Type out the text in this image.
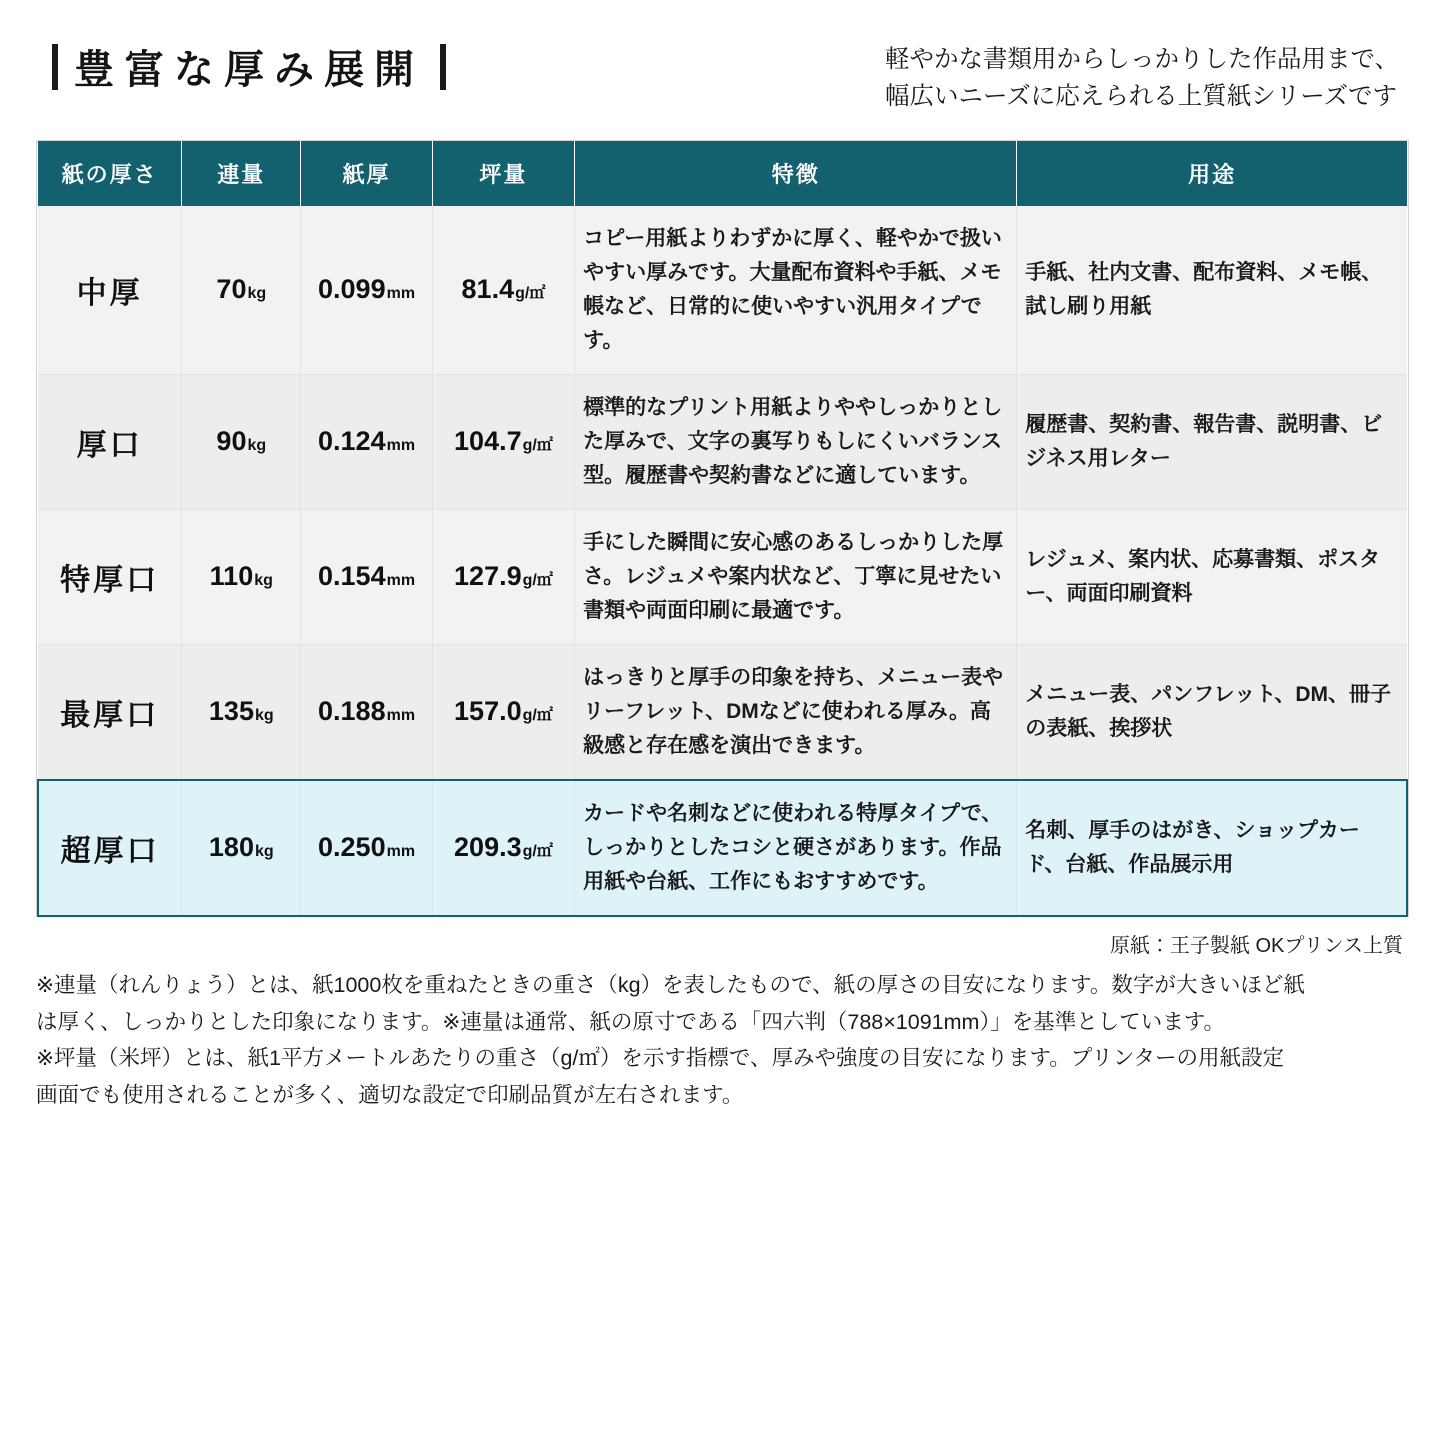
豊富な厚み展開	軽やかな書類用からしっかりした作品用まで、
幅広いニーズに応えられる上質紙シリーズです
紙の厚さ	連量	紙厚	坪量	特徴	用途
中厚	70kg	0.099mm	81.4g/㎡	コピー用紙よりわずかに厚く、軽やかで扱いやすい厚みです。大量配布資料や手紙、メモ帳など、日常的に使いやすい汎用タイプです。	手紙、社内文書、配布資料、メモ帳、試し刷り用紙
厚口	90kg	0.124mm	104.7g/㎡	標準的なプリント用紙よりややしっかりとした厚みで、文字の裏写りもしにくいバランス型。履歴書や契約書などに適しています。	履歴書、契約書、報告書、説明書、ビジネス用レター
特厚口	110kg	0.154mm	127.9g/㎡	手にした瞬間に安心感のあるしっかりした厚さ。レジュメや案内状など、丁寧に見せたい書類や両面印刷に最適です。	レジュメ、案内状、応募書類、ポスター、両面印刷資料
最厚口	135kg	0.188mm	157.0g/㎡	はっきりと厚手の印象を持ち、メニュー表やリーフレット、DMなどに使われる厚み。高級感と存在感を演出できます。	メニュー表、パンフレット、DM、冊子の表紙、挨拶状
超厚口	180kg	0.250mm	209.3g/㎡	カードや名刺などに使われる特厚タイプで、しっかりとしたコシと硬さがあります。作品用紙や台紙、工作にもおすすめです。	名刺、厚手のはがき、ショップカード、台紙、作品展示用
原紙：王子製紙 OKプリンス上質

※連量（れんりょう）とは、紙1000枚を重ねたときの重さ（kg）を表したもので、紙の厚さの目安になります。数字が大きいほど紙

は厚く、しっかりとした印象になります。※連量は通常、紙の原寸である「四六判（788×1091mm）」を基準としています。

※坪量（米坪）とは、紙1平方メートルあたりの重さ（g/㎡）を示す指標で、厚みや強度の目安になります。プリンターの用紙設定

画面でも使用されることが多く、適切な設定で印刷品質が左右されます。
